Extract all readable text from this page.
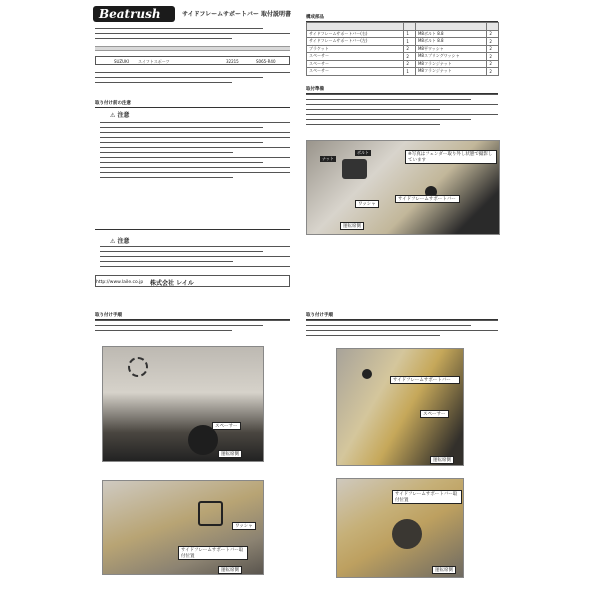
Beatrush	サイドフレームサポートバー 取付説明書
SUZUKI スイフトスポーツ	32215	S065-R40
取り付け前の注意
⚠ 注意
⚠ 注意
http://www.laile.co.jp 株式会社 レイル
構成部品

サイドフレームサポートバー(右)	1	M8ボルト 8.8	2
サイドフレームサポートバー(左)	1	M8ボルト 8.8	2
ブラケット	2	M8平ワッシャ	2
スペーサー	2	M8スプリングワッシャ	2
スペーサー	2	M8フランジナット	2
スペーサー	1	M8フランジナット	2
取付準備
※写真はフェンダー取り外し状態で撮影しています
ナット
ボルト
ワッシャ
サイドフレームサポートバー
運転席側
取り付け手順
スペーサー
運転席側
ワッシャ
サイドフレームサポートバー取付位置
運転席側
取り付け手順
サイドフレームサポートバー
スペーサー
運転席側
サイドフレームサポートバー取付位置
運転席側
